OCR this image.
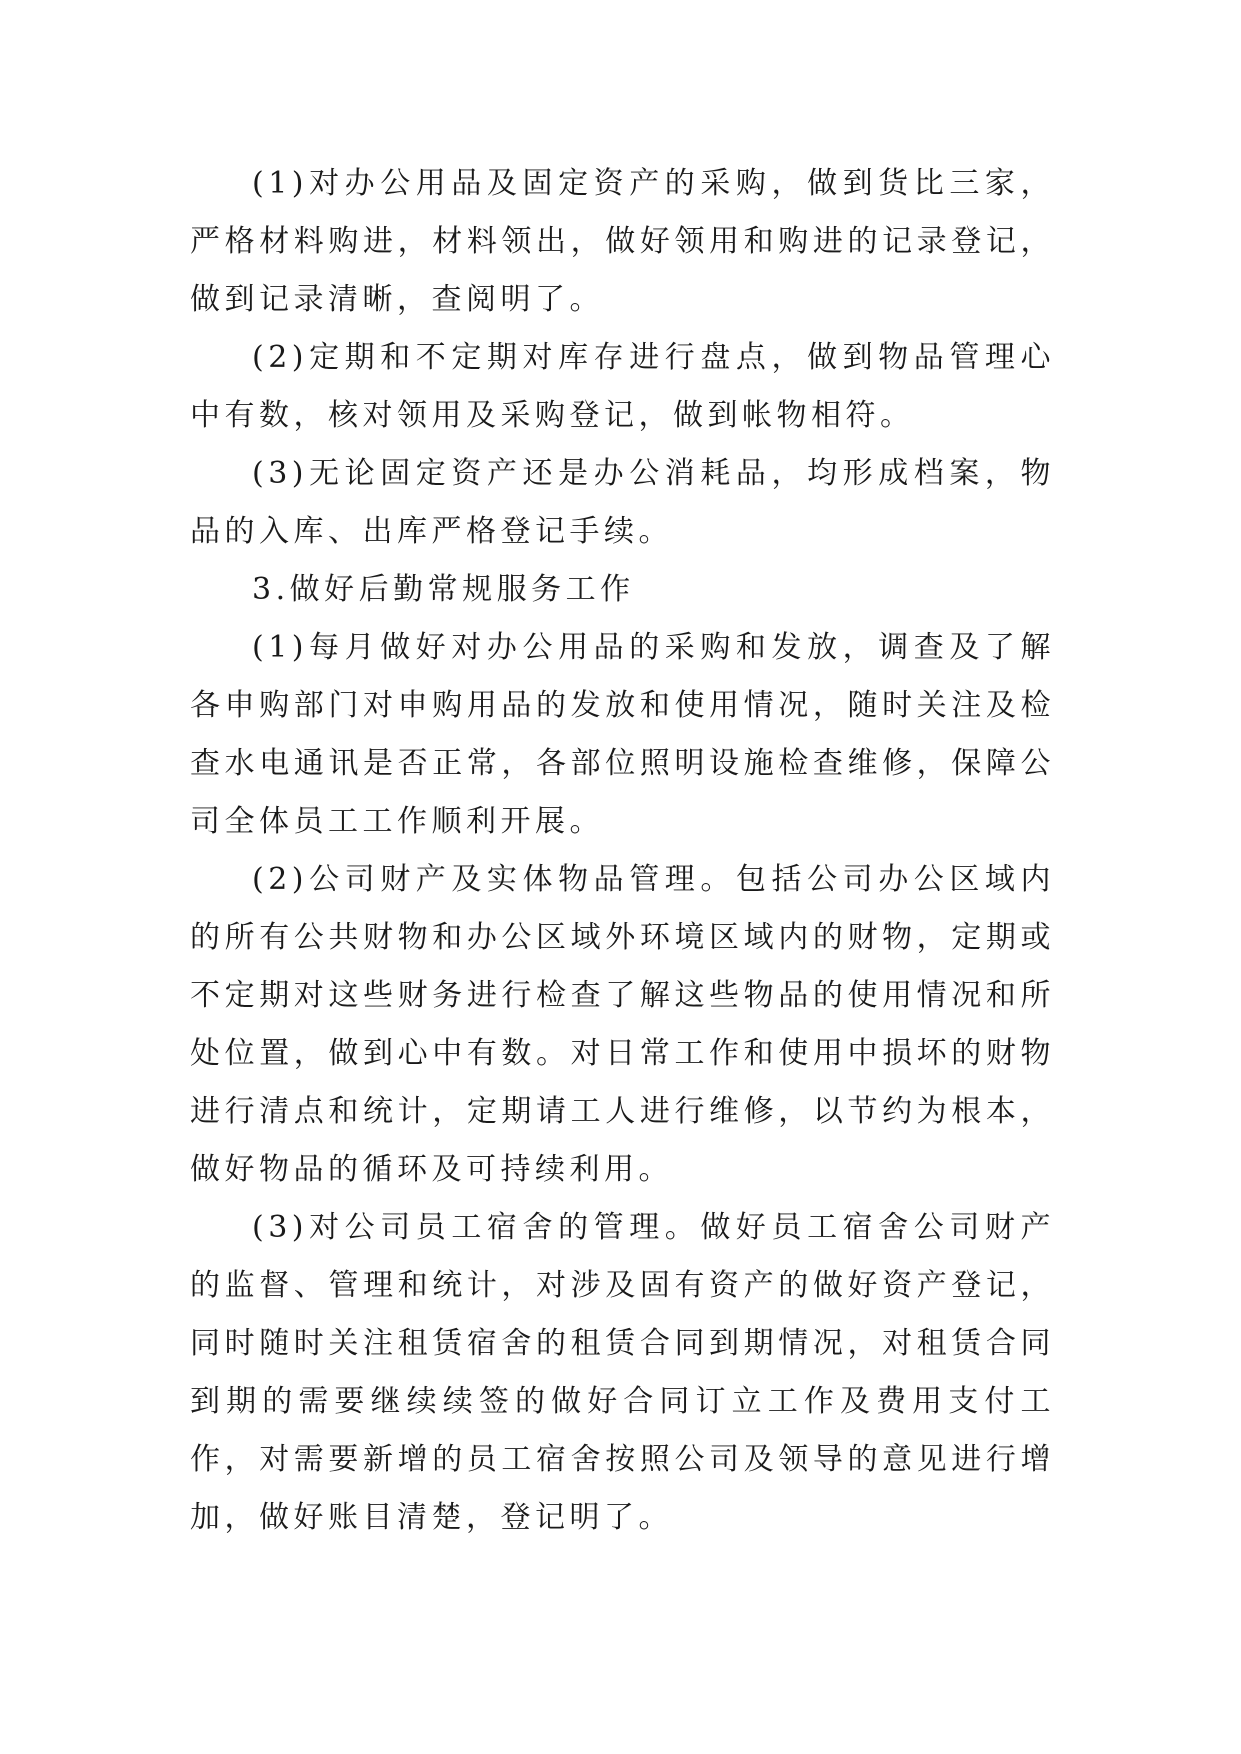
(1)对办公用品及固定资产的采购，做到货比三家，严格材料购进，材料领出，做好领用和购进的记录登记，做到记录清晰，查阅明了。

(2)定期和不定期对库存进行盘点，做到物品管理心中有数，核对领用及采购登记，做到帐物相符。

(3)无论固定资产还是办公消耗品，均形成档案，物品的入库、出库严格登记手续。

3.做好后勤常规服务工作

(1)每月做好对办公用品的采购和发放，调查及了解各申购部门对申购用品的发放和使用情况，随时关注及检查水电通讯是否正常，各部位照明设施检查维修，保障公司全体员工工作顺利开展。

(2)公司财产及实体物品管理。包括公司办公区域内的所有公共财物和办公区域外环境区域内的财物，定期或不定期对这些财务进行检查了解这些物品的使用情况和所处位置，做到心中有数。对日常工作和使用中损坏的财物进行清点和统计，定期请工人进行维修，以节约为根本，做好物品的循环及可持续利用。

(3)对公司员工宿舍的管理。做好员工宿舍公司财产的监督、管理和统计，对涉及固有资产的做好资产登记，同时随时关注租赁宿舍的租赁合同到期情况，对租赁合同到期的需要继续续签的做好合同订立工作及费用支付工作，对需要新增的员工宿舍按照公司及领导的意见进行增加，做好账目清楚，登记明了。
